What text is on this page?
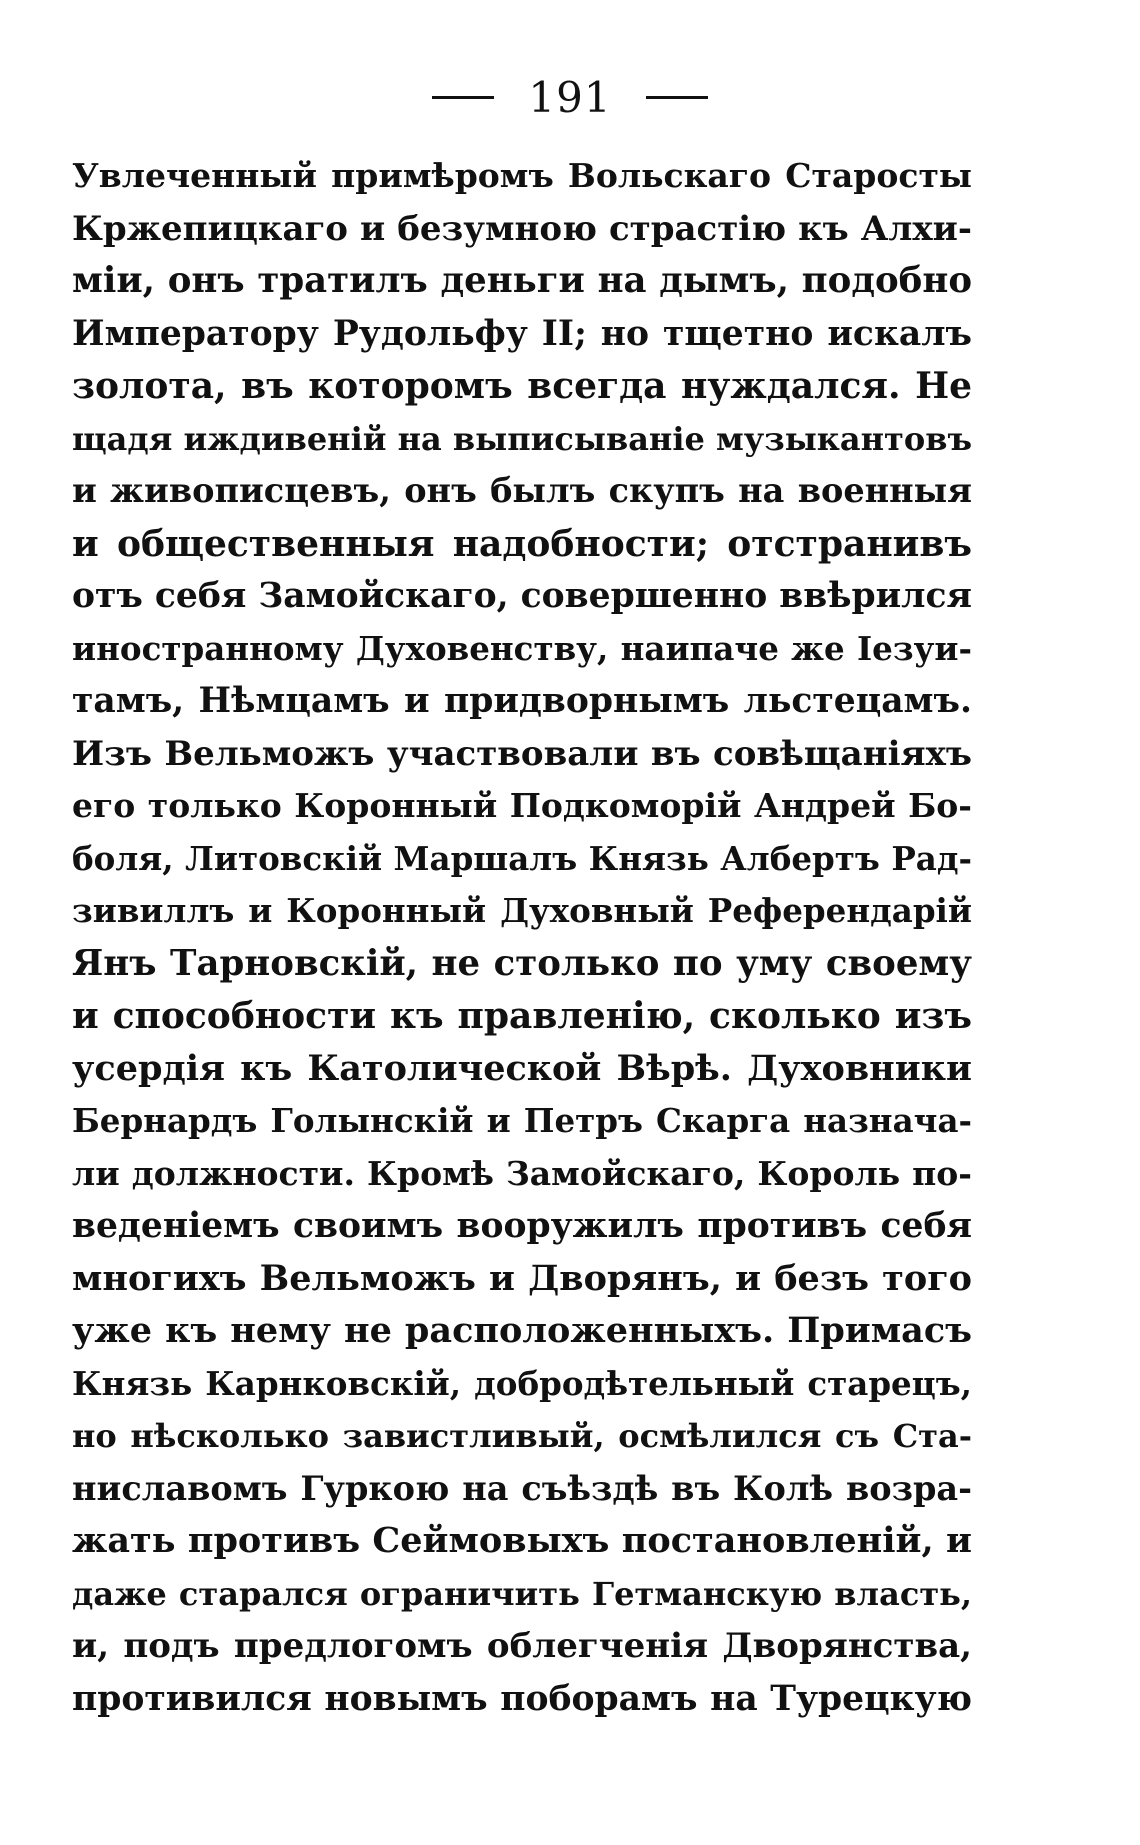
191
Увлеченный примѣромъ Вольскаго Старосты
Кржепицкаго и безумною страстію къ Алхи-
міи, онъ тратилъ деньги на дымъ, подобно
Императору Рудольфу II; но тщетно искалъ
золота, въ которомъ всегда нуждался. Не
щадя иждивеній на выписываніе музыкантовъ
и живописцевъ, онъ былъ скупъ на военныя
и общественныя надобности; отстранивъ
отъ себя Замойскаго, совершенно ввѣрился
иностранному Духовенству, наипаче же Іезуи-
тамъ, Нѣмцамъ и придворнымъ льстецамъ.
Изъ Вельможъ участвовали въ совѣщаніяхъ
его только Коронный Подкоморій Андрей Бо-
боля, Литовскій Маршалъ Князь Албертъ Рад-
зивиллъ и Коронный Духовный Референдарій
Янъ Тарновскій, не столько по уму своему
и способности къ правленію, сколько изъ
усердія къ Католической Вѣрѣ. Духовники
Бернардъ Голынскій и Петръ Скарга назнача-
ли должности. Кромѣ Замойскаго, Король по-
веденіемъ своимъ вооружилъ противъ себя
многихъ Вельможъ и Дворянъ, и безъ того
уже къ нему не расположенныхъ. Примасъ
Князь Карнковскій, добродѣтельный старецъ,
но нѣсколько завистливый, осмѣлился съ Ста-
ниславомъ Гуркою на съѣздѣ въ Колѣ возра-
жать противъ Сеймовыхъ постановленій, и
даже старался ограничить Гетманскую власть,
и, подъ предлогомъ облегченія Дворянства,
противился новымъ поборамъ на Турецкую
